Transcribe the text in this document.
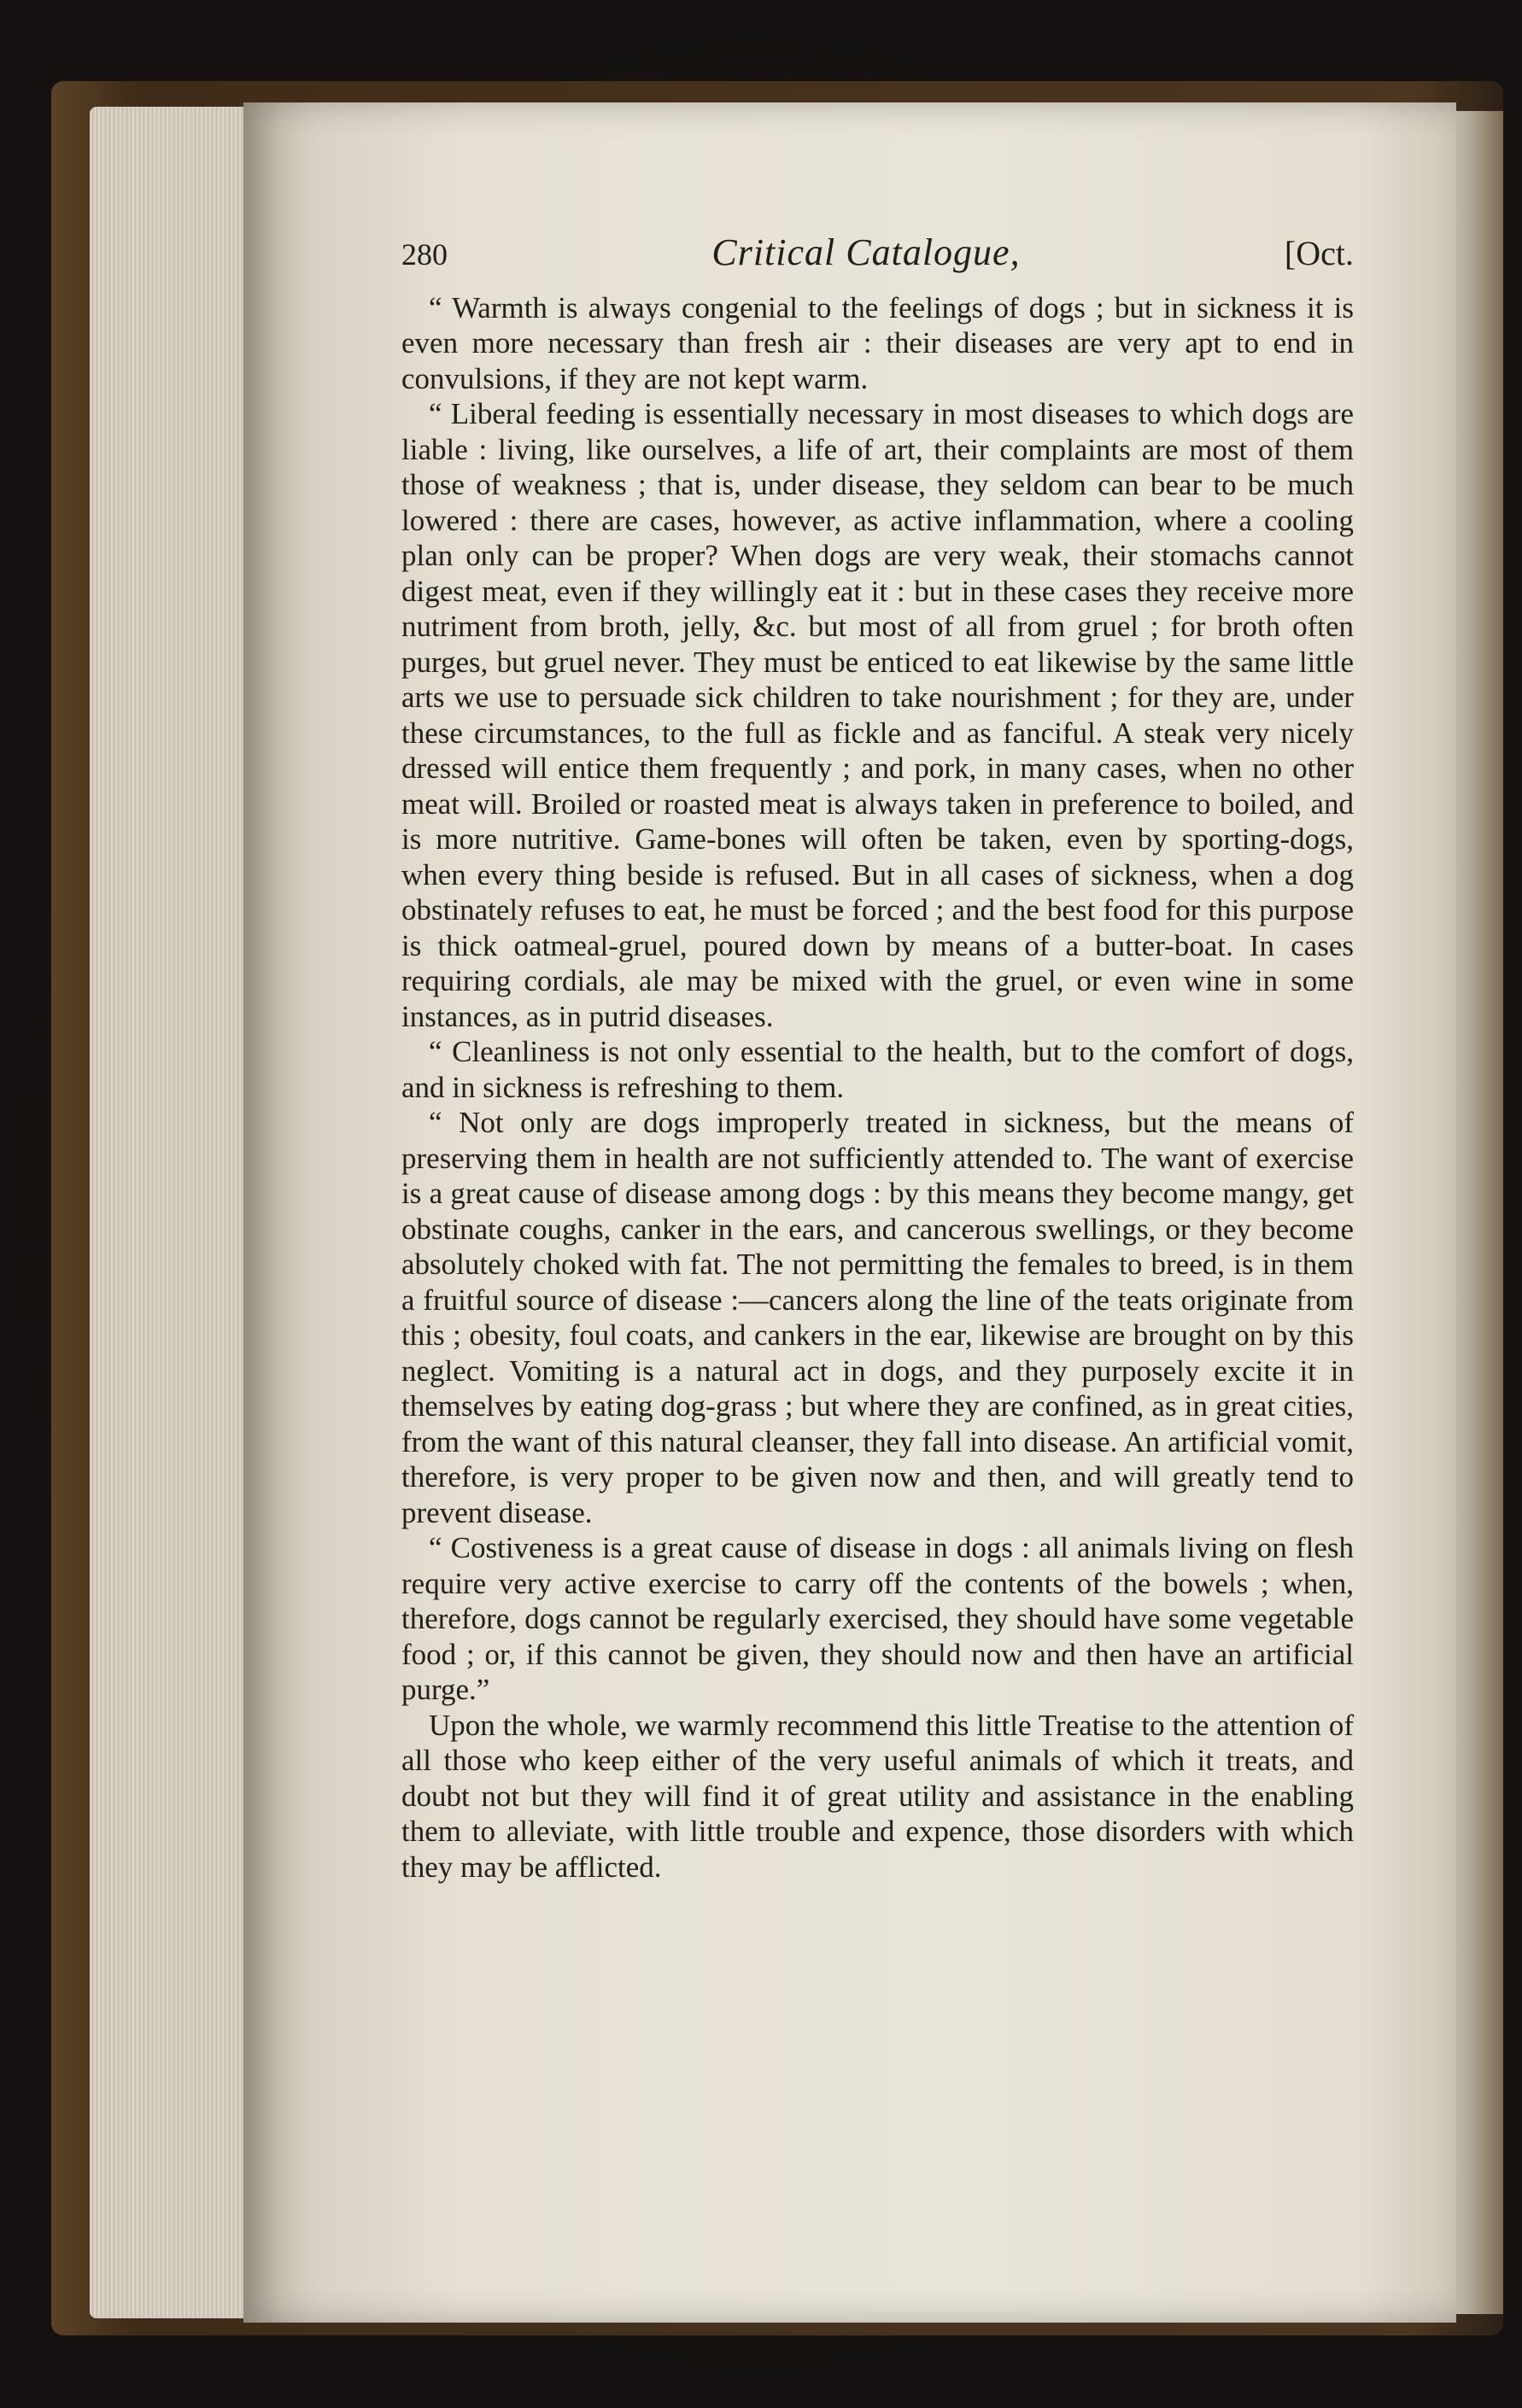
280	Critical Catalogue,	[Oct.

“ Warmth is always congenial to the feelings of dogs ; but in sickness it is even more necessary than fresh air : their diseases are very apt to end in convulsions, if they are not kept warm.

“ Liberal feeding is essentially necessary in most diseases to which dogs are liable : living, like ourselves, a life of art, their complaints are most of them those of weakness ; that is, under disease, they seldom can bear to be much lowered : there are cases, however, as active inflammation, where a cooling plan only can be proper? When dogs are very weak, their stomachs cannot digest meat, even if they willingly eat it : but in these cases they receive more nutriment from broth, jelly, &c. but most of all from gruel ; for broth often purges, but gruel never. They must be enticed to eat likewise by the same little arts we use to persuade sick children to take nourishment ; for they are, under these circumstances, to the full as fickle and as fanciful. A steak very nicely dressed will entice them frequently ; and pork, in many cases, when no other meat will. Broiled or roasted meat is always taken in preference to boiled, and is more nutritive. Game-bones will often be taken, even by sporting-dogs, when every thing beside is refused. But in all cases of sickness, when a dog obstinately refuses to eat, he must be forced ; and the best food for this purpose is thick oatmeal-gruel, poured down by means of a butter-boat. In cases requiring cordials, ale may be mixed with the gruel, or even wine in some instances, as in putrid diseases.

“ Cleanliness is not only essential to the health, but to the comfort of dogs, and in sickness is refreshing to them.

“ Not only are dogs improperly treated in sickness, but the means of preserving them in health are not sufficiently attended to. The want of exercise is a great cause of disease among dogs : by this means they become mangy, get obstinate coughs, canker in the ears, and cancerous swellings, or they become absolutely choked with fat. The not permitting the females to breed, is in them a fruitful source of disease :—cancers along the line of the teats originate from this ; obesity, foul coats, and cankers in the ear, likewise are brought on by this neglect. Vomiting is a natural act in dogs, and they purposely excite it in themselves by eating dog-grass ; but where they are confined, as in great cities, from the want of this natural cleanser, they fall into disease. An artificial vomit, therefore, is very proper to be given now and then, and will greatly tend to prevent disease.

“ Costiveness is a great cause of disease in dogs : all animals living on flesh require very active exercise to carry off the contents of the bowels ; when, therefore, dogs cannot be regularly exercised, they should have some vegetable food ; or, if this cannot be given, they should now and then have an artificial purge.”

Upon the whole, we warmly recommend this little Treatise to the attention of all those who keep either of the very useful animals of which it treats, and doubt not but they will find it of great utility and assistance in the enabling them to alleviate, with little trouble and expence, those disorders with which they may be afflicted.
